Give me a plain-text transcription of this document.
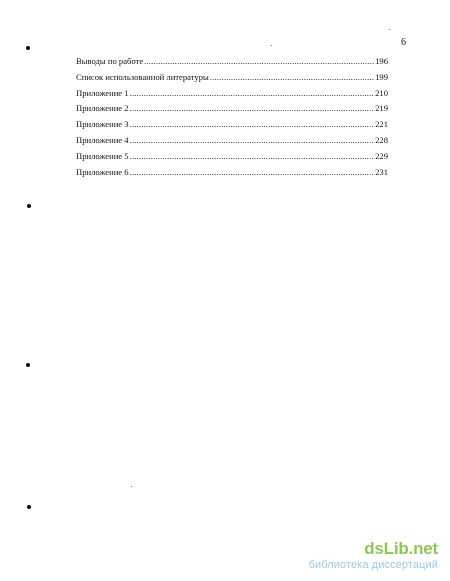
6
Выводы по работе .....	196
Список использованной литературы .....	199
Приложение 1 .....	210
Приложение 2 .....	219
Приложение 3 .....	221
Приложение 4 .....	228
Приложение 5 .....	229
Приложение 6 .....	231
dsLib.net
библиотека диссертаций
